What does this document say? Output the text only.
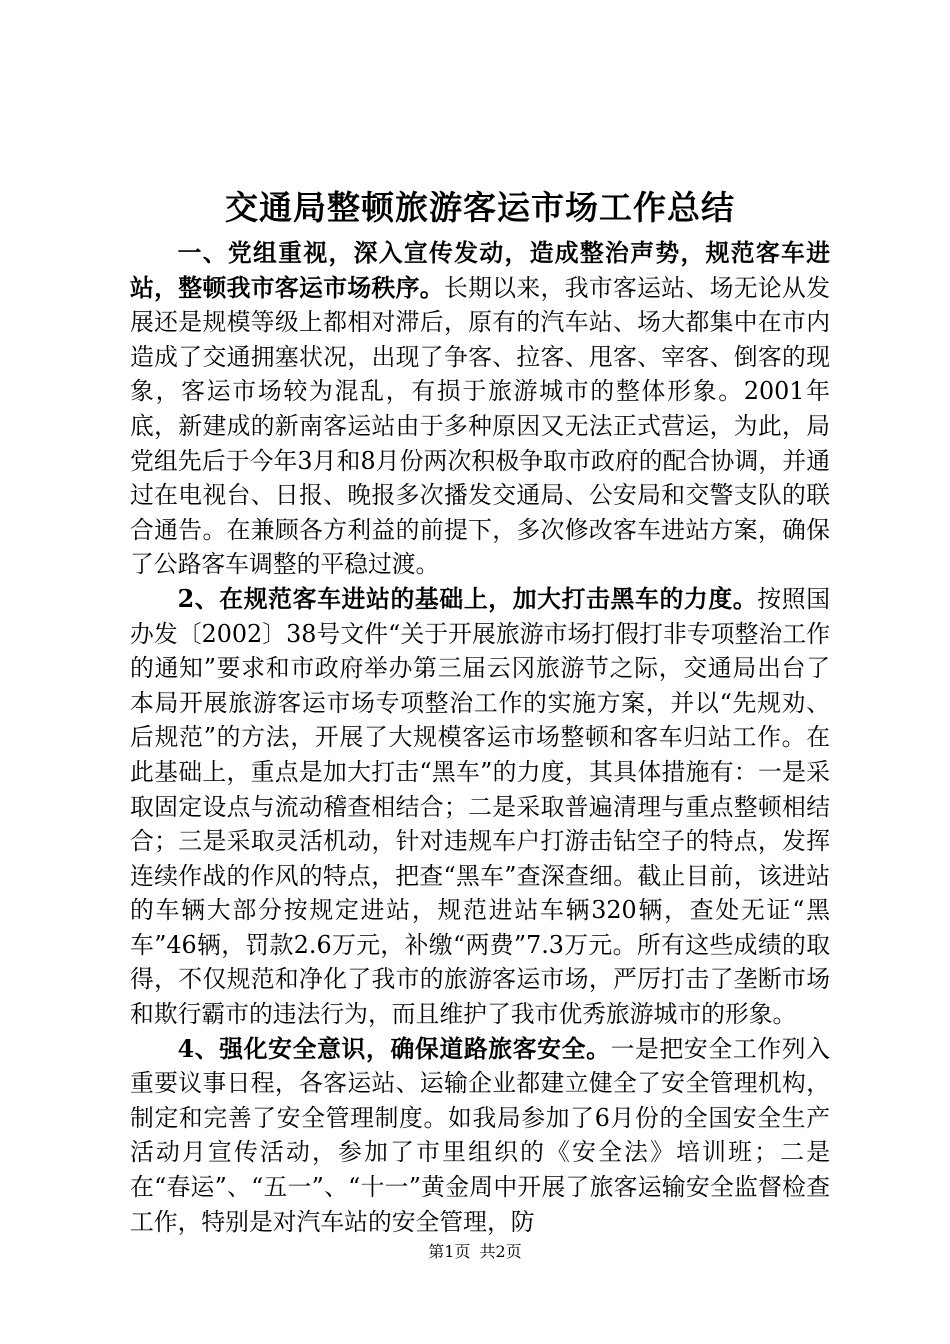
交通局整顿旅游客运市场工作总结

一、党组重视，深入宣传发动，造成整治声势，规范客车进站，整顿我市客运市场秩序。长期以来，我市客运站、场无论从发展还是规模等级上都相对滞后，原有的汽车站、场大都集中在市内造成了交通拥塞状况，出现了争客、拉客、甩客、宰客、倒客的现象，客运市场较为混乱，有损于旅游城市的整体形象。2001年底，新建成的新南客运站由于多种原因又无法正式营运，为此，局党组先后于今年3月和8月份两次积极争取市政府的配合协调，并通过在电视台、日报、晚报多次播发交通局、公安局和交警支队的联合通告。在兼顾各方利益的前提下，多次修改客车进站方案，确保了公路客车调整的平稳过渡。

2、在规范客车进站的基础上，加大打击黑车的力度。按照国办发〔2002〕38号文件“关于开展旅游市场打假打非专项整治工作的通知”要求和市政府举办第三届云冈旅游节之际，交通局出台了本局开展旅游客运市场专项整治工作的实施方案，并以“先规劝、后规范”的方法，开展了大规模客运市场整顿和客车归站工作。在此基础上，重点是加大打击“黑车”的力度，其具体措施有：一是采取固定设点与流动稽查相结合；二是采取普遍清理与重点整顿相结合；三是采取灵活机动，针对违规车户打游击钻空子的特点，发挥连续作战的作风的特点，把查“黑车”查深查细。截止目前，该进站的车辆大部分按规定进站，规范进站车辆320辆，查处无证“黑车”46辆，罚款2.6万元，补缴“两费”7.3万元。所有这些成绩的取得，不仅规范和净化了我市的旅游客运市场，严厉打击了垄断市场和欺行霸市的违法行为，而且维护了我市优秀旅游城市的形象。

4、强化安全意识，确保道路旅客安全。一是把安全工作列入重要议事日程，各客运站、运输企业都建立健全了安全管理机构，制定和完善了安全管理制度。如我局参加了6月份的全国安全生产活动月宣传活动，参加了市里组织的《安全法》培训班；二是在“春运”、“五一”、“十一”黄金周中开展了旅客运输安全监督检查工作，特别是对汽车站的安全管理，防

第1页 共2页
